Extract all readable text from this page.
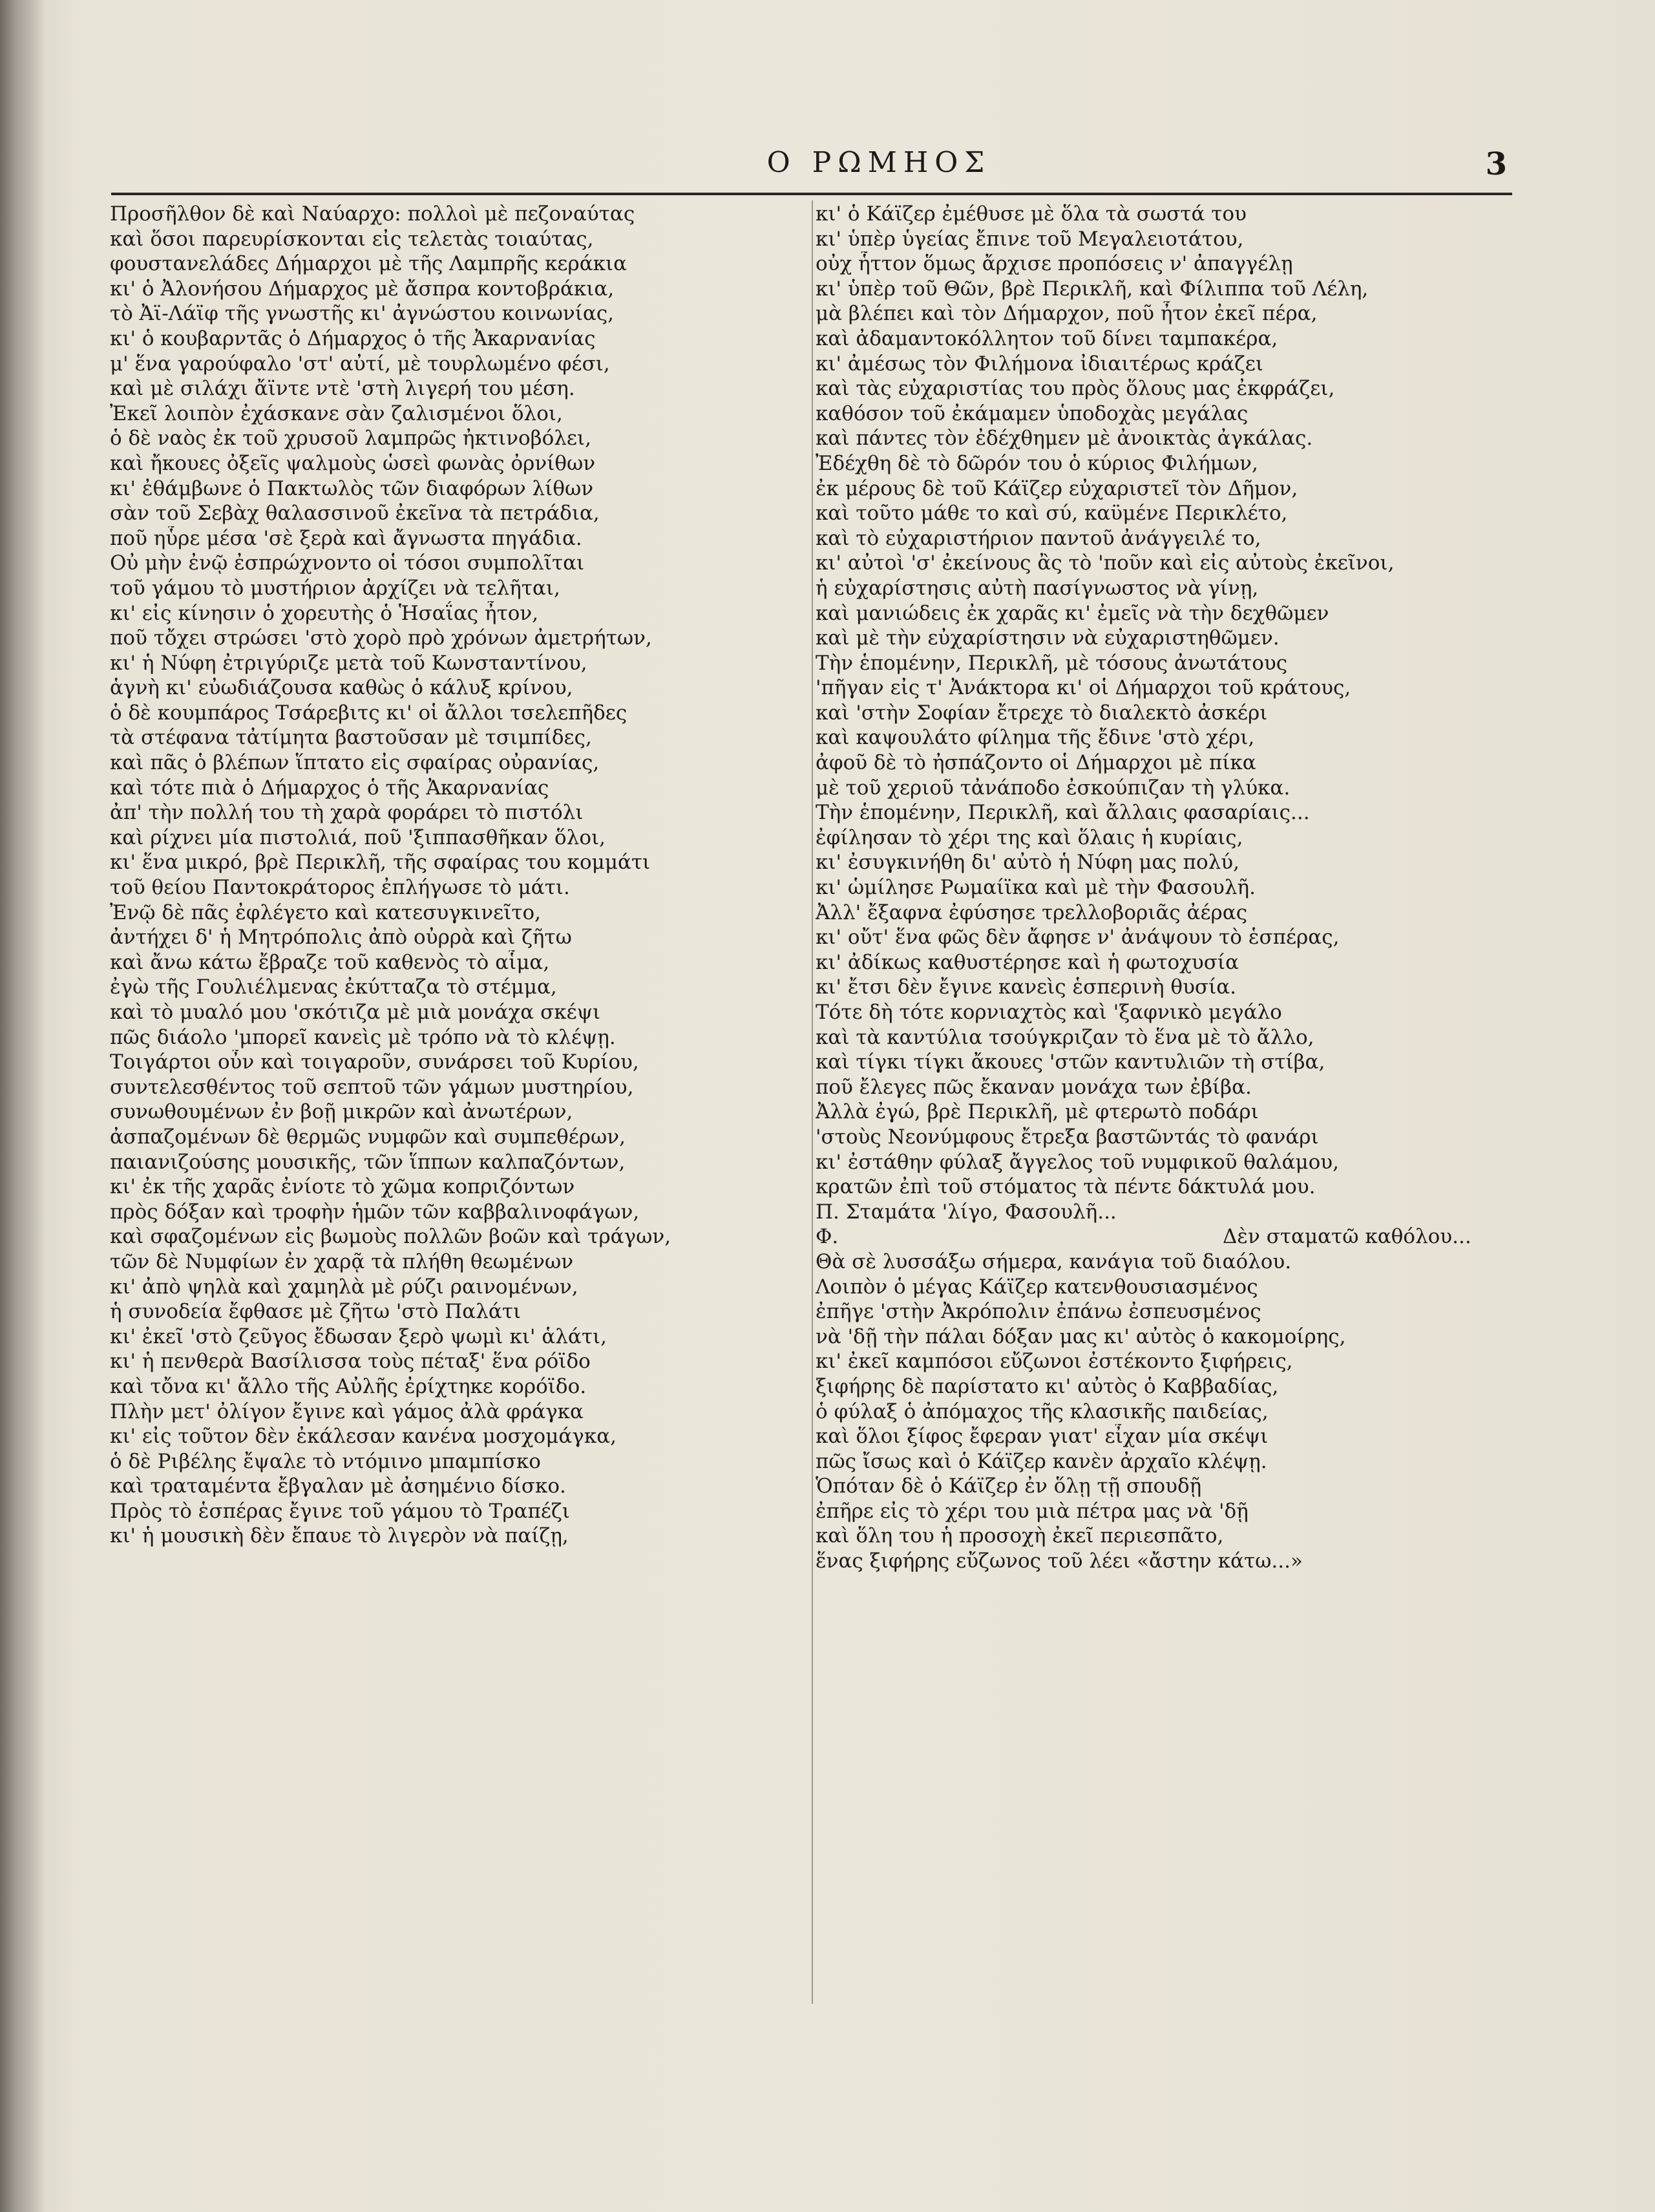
Ο ΡΩΜΗΟΣ	3
Προσῆλθον δὲ καὶ Ναύαρχο: πολλοὶ μὲ πεζοναύτας
καὶ ὅσοι παρευρίσκονται εἰς τελετὰς τοιαύτας,
φουστανελάδες Δήμαρχοι μὲ τῆς Λαμπρῆς κεράκια
κι' ὁ Ἀλονήσου Δήμαρχος μὲ ἄσπρα κοντοβράκια,
τὸ Ἀϊ-Λάϊφ τῆς γνωστῆς κι' ἀγνώστου κοινωνίας,
κι' ὁ κουβαρντᾶς ὁ Δήμαρχος ὁ τῆς Ἀκαρνανίας
μ' ἕνα γαρούφαλο 'στ' αὐτί, μὲ τουρλωμένο φέσι,
καὶ μὲ σιλάχι ἄϊντε ντὲ 'στὴ λιγερή του μέση.
Ἐκεῖ λοιπὸν ἐχάσκανε σὰν ζαλισμένοι ὅλοι,
ὁ δὲ ναὸς ἐκ τοῦ χρυσοῦ λαμπρῶς ἠκτινοβόλει,
καὶ ἤκουες ὀξεῖς ψαλμοὺς ὡσεὶ φωνὰς ὀρνίθων
κι' ἐθάμβωνε ὁ Πακτωλὸς τῶν διαφόρων λίθων
σὰν τοῦ Σεβὰχ θαλασσινοῦ ἐκεῖνα τὰ πετράδια,
ποῦ ηὗρε μέσα 'σὲ ξερὰ καὶ ἄγνωστα πηγάδια.
Οὐ μὴν ἐνῷ ἐσπρώχνοντο οἱ τόσοι συμπολῖται
τοῦ γάμου τὸ μυστήριον ἀρχίζει νὰ τελῆται,
κι' εἰς κίνησιν ὁ χορευτὴς ὁ Ἡσαΐας ἦτον,
ποῦ τὄχει στρώσει 'στὸ χορὸ πρὸ χρόνων ἀμετρήτων,
κι' ἡ Νύφη ἐτριγύριζε μετὰ τοῦ Κωνσταντίνου,
ἁγνὴ κι' εὐωδιάζουσα καθὼς ὁ κάλυξ κρίνου,
ὁ δὲ κουμπάρος Τσάρεβιτς κι' οἱ ἄλλοι τσελεπῆδες
τὰ στέφανα τἀτίμητα βαστοῦσαν μὲ τσιμπίδες,
καὶ πᾶς ὁ βλέπων ἵπτατο εἰς σφαίρας οὐρανίας,
καὶ τότε πιὰ ὁ Δήμαρχος ὁ τῆς Ἀκαρνανίας
ἀπ' τὴν πολλή του τὴ χαρὰ φοράρει τὸ πιστόλι
καὶ ρίχνει μία πιστολιά, ποῦ 'ξιππασθῆκαν ὅλοι,
κι' ἕνα μικρό, βρὲ Περικλῆ, τῆς σφαίρας του κομμάτι
τοῦ θείου Παντοκράτορος ἐπλήγωσε τὸ μάτι.
Ἐνῷ δὲ πᾶς ἐφλέγετο καὶ κατεσυγκινεῖτο,
ἀντήχει δ' ἡ Μητρόπολις ἀπὸ οὐρρὰ καὶ ζῆτω
καὶ ἄνω κάτω ἔβραζε τοῦ καθενὸς τὸ αἷμα,
ἐγὼ τῆς Γουλιέλμενας ἐκύτταζα τὸ στέμμα,
καὶ τὸ μυαλό μου 'σκότιζα μὲ μιὰ μονάχα σκέψι
πῶς διάολο 'μπορεῖ κανεὶς μὲ τρόπο νὰ τὸ κλέψῃ.
Τοιγάρτοι οὖν καὶ τοιγαροῦν, συνάρσει τοῦ Κυρίου,
συντελεσθέντος τοῦ σεπτοῦ τῶν γάμων μυστηρίου,
συνωθουμένων ἐν βοῇ μικρῶν καὶ ἀνωτέρων,
ἀσπαζομένων δὲ θερμῶς νυμφῶν καὶ συμπεθέρων,
παιανιζούσης μουσικῆς, τῶν ἵππων καλπαζόντων,
κι' ἐκ τῆς χαρᾶς ἐνίοτε τὸ χῶμα κοπριζόντων
πρὸς δόξαν καὶ τροφὴν ἡμῶν τῶν καββαλινοφάγων,
καὶ σφαζομένων εἰς βωμοὺς πολλῶν βοῶν καὶ τράγων,
τῶν δὲ Νυμφίων ἐν χαρᾷ τὰ πλήθη θεωμένων
κι' ἀπὸ ψηλὰ καὶ χαμηλὰ μὲ ρύζι ραινομένων,
ἡ συνοδεία ἔφθασε μὲ ζῆτω 'στὸ Παλάτι
κι' ἐκεῖ 'στὸ ζεῦγος ἔδωσαν ξερὸ ψωμὶ κι' ἁλάτι,
κι' ἡ πενθερὰ Βασίλισσα τοὺς πέταξ' ἕνα ρόϊδο
καὶ τὄνα κι' ἄλλο τῆς Αὐλῆς ἐρίχτηκε κορόϊδο.
Πλὴν μετ' ὀλίγον ἔγινε καὶ γάμος ἀλὰ φράγκα
κι' εἰς τοῦτον δὲν ἐκάλεσαν κανένα μοσχομάγκα,
ὁ δὲ Ριβέλης ἔψαλε τὸ ντόμινο μπαμπίσκο
καὶ τραταμέντα ἔβγαλαν μὲ ἀσημένιο δίσκο.
Πρὸς τὸ ἑσπέρας ἔγινε τοῦ γάμου τὸ Τραπέζι
κι' ἡ μουσικὴ δὲν ἔπαυε τὸ λιγερὸν νὰ παίζῃ,
κι' ὁ Κάϊζερ ἐμέθυσε μὲ ὅλα τὰ σωστά του
κι' ὑπὲρ ὑγείας ἔπινε τοῦ Μεγαλειοτάτου,
οὐχ ἧττον ὅμως ἄρχισε προπόσεις ν' ἀπαγγέλῃ
κι' ὑπὲρ τοῦ Θῶν, βρὲ Περικλῆ, καὶ Φίλιππα τοῦ Λέλη,
μὰ βλέπει καὶ τὸν Δήμαρχον, ποῦ ἦτον ἐκεῖ πέρα,
καὶ ἀδαμαντοκόλλητον τοῦ δίνει ταμπακέρα,
κι' ἀμέσως τὸν Φιλήμονα ἰδιαιτέρως κράζει
καὶ τὰς εὐχαριστίας του πρὸς ὅλους μας ἐκφράζει,
καθόσον τοῦ ἐκάμαμεν ὑποδοχὰς μεγάλας
καὶ πάντες τὸν ἐδέχθημεν μὲ ἀνοικτὰς ἀγκάλας.
Ἐδέχθη δὲ τὸ δῶρόν του ὁ κύριος Φιλήμων,
ἐκ μέρους δὲ τοῦ Κάϊζερ εὐχαριστεῖ τὸν Δῆμον,
καὶ τοῦτο μάθε το καὶ σύ, καϋμένε Περικλέτο,
καὶ τὸ εὐχαριστήριον παντοῦ ἀνάγγειλέ το,
κι' αὐτοὶ 'σ' ἐκείνους ἂς τὸ 'ποῦν καὶ εἰς αὐτοὺς ἐκεῖνοι,
ἡ εὐχαρίστησις αὐτὴ πασίγνωστος νὰ γίνῃ,
καὶ μανιώδεις ἐκ χαρᾶς κι' ἐμεῖς νὰ τὴν δεχθῶμεν
καὶ μὲ τὴν εὐχαρίστησιν νὰ εὐχαριστηθῶμεν.
Τὴν ἑπομένην, Περικλῆ, μὲ τόσους ἀνωτάτους
'πῆγαν εἰς τ' Ἀνάκτορα κι' οἱ Δήμαρχοι τοῦ κράτους,
καὶ 'στὴν Σοφίαν ἔτρεχε τὸ διαλεκτὸ ἀσκέρι
καὶ καψουλάτο φίλημα τῆς ἔδινε 'στὸ χέρι,
ἀφοῦ δὲ τὸ ἠσπάζοντο οἱ Δήμαρχοι μὲ πίκα
μὲ τοῦ χεριοῦ τἀνάποδο ἐσκούπιζαν τὴ γλύκα.
Τὴν ἑπομένην, Περικλῆ, καὶ ἄλλαις φασαρίαις...
ἐφίλησαν τὸ χέρι της καὶ ὅλαις ἡ κυρίαις,
κι' ἐσυγκινήθη δι' αὐτὸ ἡ Νύφη μας πολύ,
κι' ὡμίλησε Ρωμαίϊκα καὶ μὲ τὴν Φασουλῆ.
Ἀλλ' ἔξαφνα ἐφύσησε τρελλοβοριᾶς ἀέρας
κι' οὔτ' ἕνα φῶς δὲν ἄφησε ν' ἀνάψουν τὸ ἑσπέρας,
κι' ἀδίκως καθυστέρησε καὶ ἡ φωτοχυσία
κι' ἔτσι δὲν ἔγινε κανεὶς ἑσπερινὴ θυσία.
Τότε δὴ τότε κορνιαχτὸς καὶ 'ξαφνικὸ μεγάλο
καὶ τὰ καντύλια τσούγκριζαν τὸ ἕνα μὲ τὸ ἄλλο,
καὶ τίγκι τίγκι ἄκουες 'στῶν καντυλιῶν τὴ στίβα,
ποῦ ἔλεγες πῶς ἔκαναν μονάχα των ἐβίβα.
Ἀλλὰ ἐγώ, βρὲ Περικλῆ, μὲ φτερωτὸ ποδάρι
'στοὺς Νεονύμφους ἔτρεξα βαστῶντάς τὸ φανάρι
κι' ἐστάθην φύλαξ ἄγγελος τοῦ νυμφικοῦ θαλάμου,
κρατῶν ἐπὶ τοῦ στόματος τὰ πέντε δάκτυλά μου.
Π. Σταμάτα 'λίγο, Φασουλῆ...
Φ.	Δὲν σταματῶ καθόλου...
Θὰ σὲ λυσσάξω σήμερα, κανάγια τοῦ διαόλου.
Λοιπὸν ὁ μέγας Κάϊζερ κατενθουσιασμένος
ἐπῆγε 'στὴν Ἀκρόπολιν ἐπάνω ἐσπευσμένος
νὰ 'δῇ τὴν πάλαι δόξαν μας κι' αὐτὸς ὁ κακομοίρης,
κι' ἐκεῖ καμπόσοι εὔζωνοι ἐστέκοντο ξιφήρεις,
ξιφήρης δὲ παρίστατο κι' αὐτὸς ὁ Καββαδίας,
ὁ φύλαξ ὁ ἀπόμαχος τῆς κλασικῆς παιδείας,
καὶ ὅλοι ξίφος ἔφεραν γιατ' εἶχαν μία σκέψι
πῶς ἴσως καὶ ὁ Κάϊζερ κανὲν ἀρχαῖο κλέψῃ.
Ὁπόταν δὲ ὁ Κάϊζερ ἐν ὅλῃ τῇ σπουδῇ
ἐπῆρε εἰς τὸ χέρι του μιὰ πέτρα μας νὰ 'δῇ
καὶ ὅλη του ἡ προσοχὴ ἐκεῖ περιεσπᾶτο,
ἕνας ξιφήρης εὔζωνος τοῦ λέει «ἄστην κάτω...»
